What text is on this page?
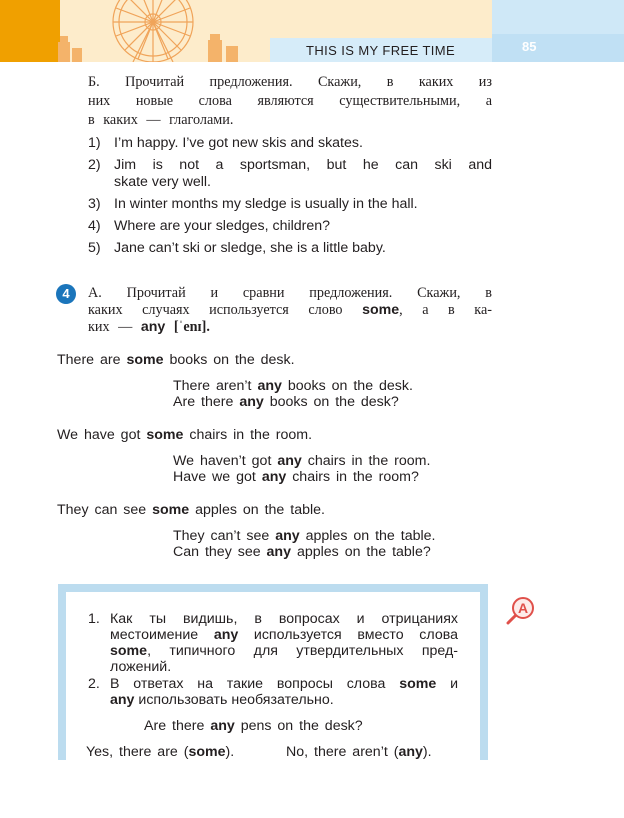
THIS IS MY FREE TIME	85
Б. Прочитай предложения. Скажи, в каких из
них новые слова являются существительными, а
в каких — глаголами.
1) I’m happy. I’ve got new skis and skates.
2) Jim is not a sportsman, but he can ski and
skate very well.
3) In winter months my sledge is usually in the hall.
4) Where are your sledges, children?
5) Jane can’t ski or sledge, she is a little baby.
4	А. Прочитай и сравни предложения. Скажи, в
каких случаях используется слово some, а в ка-
ких — any [ˈenɪ].
There are some books on the desk.
There aren’t any books on the desk.
Are there any books on the desk?
We have got some chairs in the room.
We haven’t got any chairs in the room.
Have we got any chairs in the room?
They can see some apples on the table.
They can’t see any apples on the table.
Can they see any apples on the table?
1. Как ты видишь, в вопросах и отрицаниях
местоимение any используется вместо слова
some, типичного для утвердительных пред-
ложений.
2. В ответах на такие вопросы слова some и
any использовать необязательно.
Are there any pens on the desk?
Yes, there are (some).	No, there aren’t (any).
A
